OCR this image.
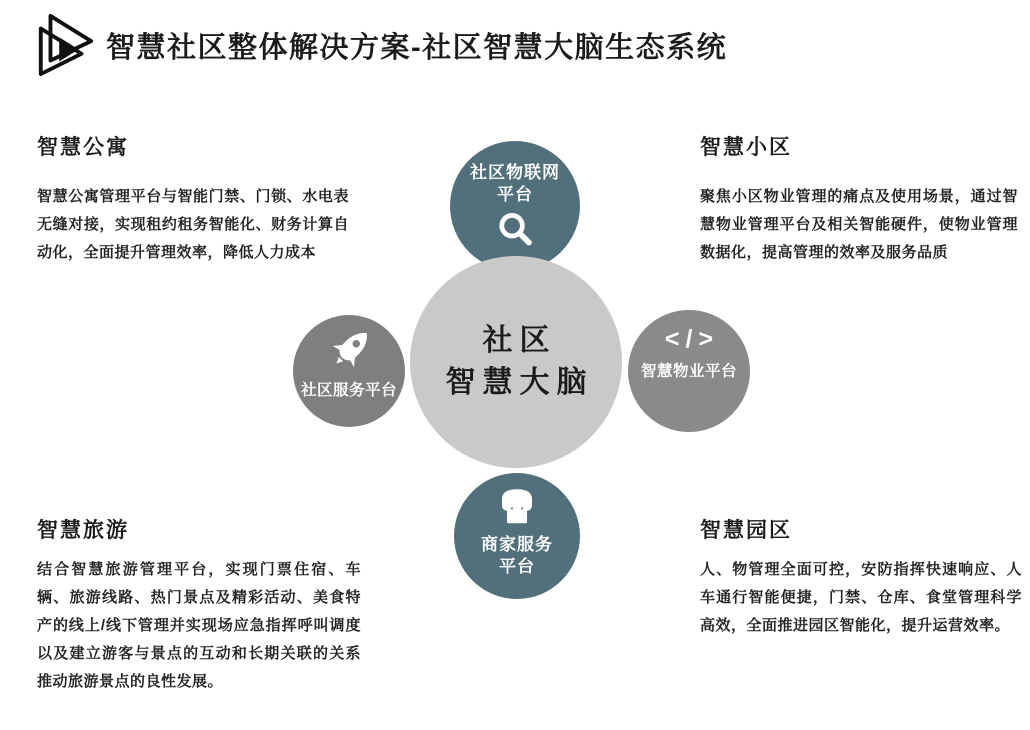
智慧社区整体解决方案-社区智慧大脑生态系统
智慧公寓

智慧公寓管理平台与智能门禁、门锁、水电表无缝对接，实现租约租务智能化、财务计算自动化，全面提升管理效率，降低人力成本

智慧小区

聚焦小区物业管理的痛点及使用场景，通过智慧物业管理平台及相关智能硬件，使物业管理数据化，提高管理的效率及服务品质

智慧旅游

结合智慧旅游管理平台，实现门票住宿、车辆、旅游线路、热门景点及精彩活动、美食特产的线上/线下管理并实现场应急指挥呼叫调度以及建立游客与景点的互动和长期关联的关系推动旅游景点的良性发展。

智慧园区

人、物管理全面可控，安防指挥快速响应、人车通行智能便捷，门禁、仓库、食堂管理科学高效，全面推进园区智能化，提升运营效率。

社区物联网
平台
社区服务平台
社区
智慧大脑
</>
智慧物业平台
商家服务
平台
